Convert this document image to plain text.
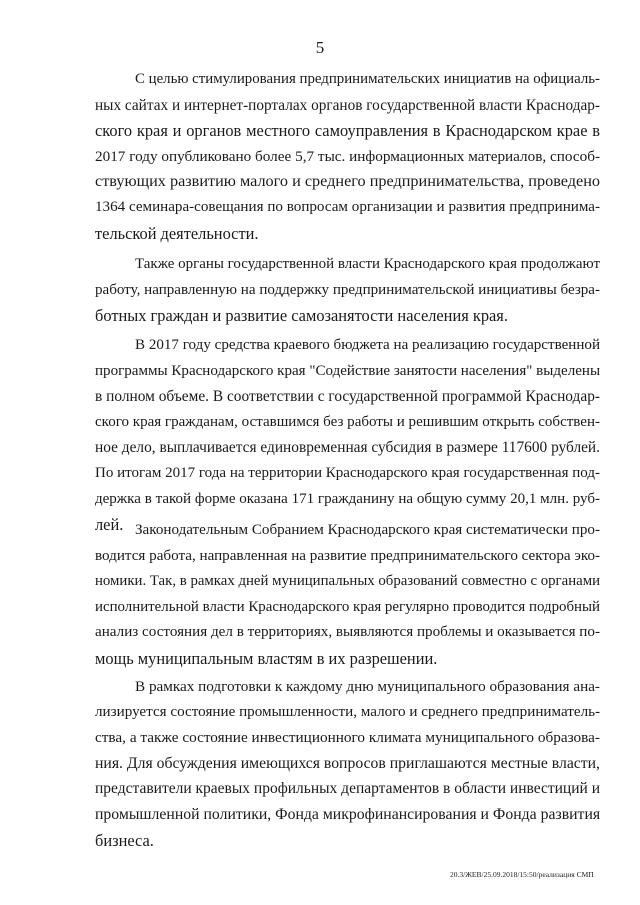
5
С целью стимулирования предпринимательских инициатив на официаль-
ных сайтах и интернет-порталах органов государственной власти Краснодар-
ского края и органов местного самоуправления в Краснодарском крае в
2017 году опубликовано более 5,7 тыс. информационных материалов, способ-
ствующих развитию малого и среднего предпринимательства, проведено
1364 семинара-совещания по вопросам организации и развития предпринима-
тельской деятельности.
Также органы государственной власти Краснодарского края продолжают
работу, направленную на поддержку предпринимательской инициативы безра-
ботных граждан и развитие самозанятости населения края.
В 2017 году средства краевого бюджета на реализацию государственной
программы Краснодарского края "Содействие занятости населения" выделены
в полном объеме. В соответствии с государственной программой Краснодар-
ского края гражданам, оставшимся без работы и решившим открыть собствен-
ное дело, выплачивается единовременная субсидия в размере 117600 рублей.
По итогам 2017 года на территории Краснодарского края государственная под-
держка в такой форме оказана 171 гражданину на общую сумму 20,1 млн. руб-
лей. Законодательным Собранием Краснодарского края систематически про-
водится работа, направленная на развитие предпринимательского сектора эко-
номики. Так, в рамках дней муниципальных образований совместно с органами
исполнительной власти Краснодарского края регулярно проводится подробный
анализ состояния дел в территориях, выявляются проблемы и оказывается по-
мощь муниципальным властям в их разрешении.
В рамках подготовки к каждому дню муниципального образования ана-
лизируется состояние промышленности, малого и среднего предприниматель-
ства, а также состояние инвестиционного климата муниципального образова-
ния. Для обсуждения имеющихся вопросов приглашаются местные власти,
представители краевых профильных департаментов в области инвестиций и
промышленной политики, Фонда микрофинансирования и Фонда развития
бизнеса.
20.3/ЖЕВ/25.09.2018/15:50/реализация СМП
